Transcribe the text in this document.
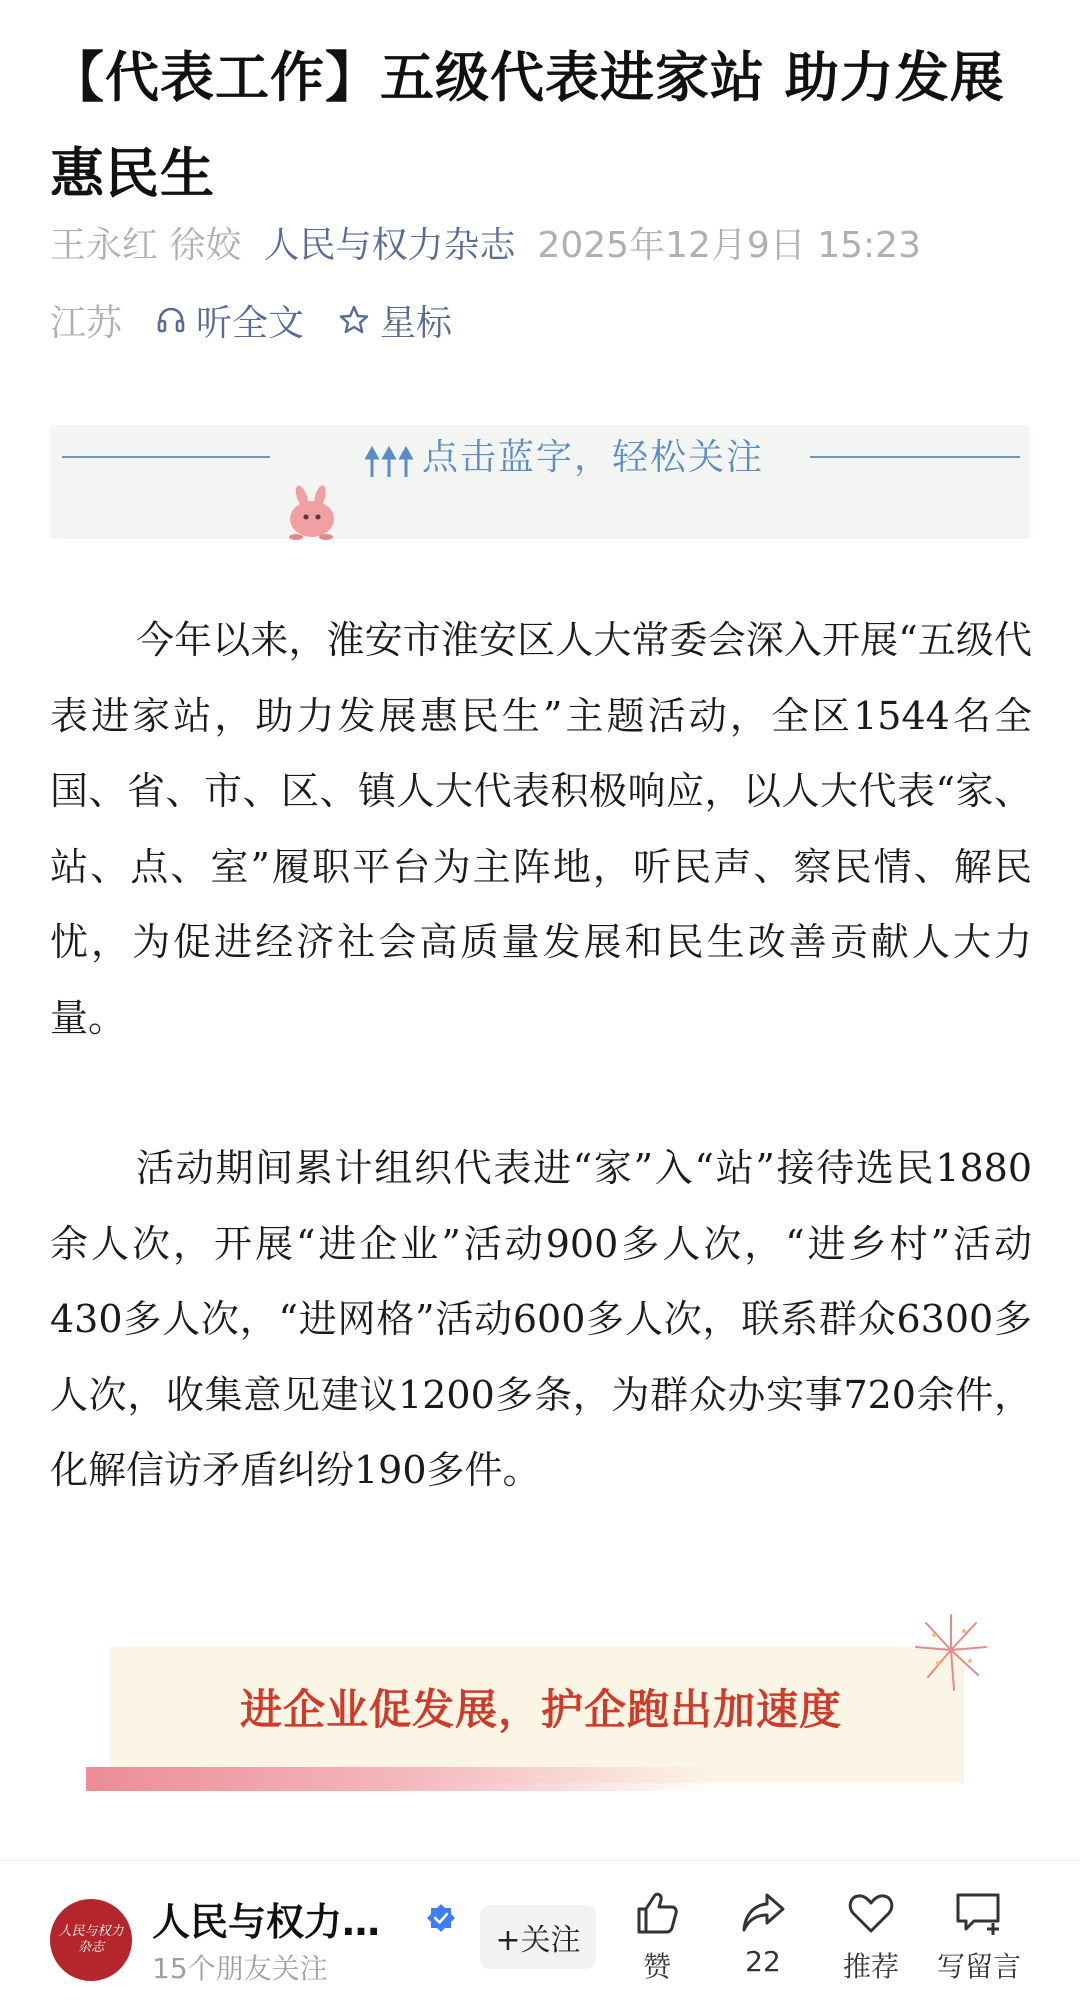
【代表工作】五级代表进家站 助力发展惠民生
王永红 徐姣 人民与权力杂志 2025年12月9日 15:23
江苏 听全文 星标
点击蓝字，轻松关注

今年以来，淮安市淮安区人大常委会深入开展“五级代表进家站，助力发展惠民生”主题活动，全区1544名全国、省、市、区、镇人大代表积极响应，以人大代表“家、站、点、室”履职平台为主阵地，听民声、察民情、解民忧，为促进经济社会高质量发展和民生改善贡献人大力量。

活动期间累计组织代表进“家”入“站”接待选民1880余人次，开展“进企业”活动900多人次，“进乡村”活动430多人次，“进网格”活动600多人次，联系群众6300多人次，收集意见建议1200多条，为群众办实事720余件，化解信访矛盾纠纷190多件。

进企业促发展，护企跑出加速度
人民与权力杂志
人民与权力…
15个朋友关注
+关注
赞	22	推荐	写留言
